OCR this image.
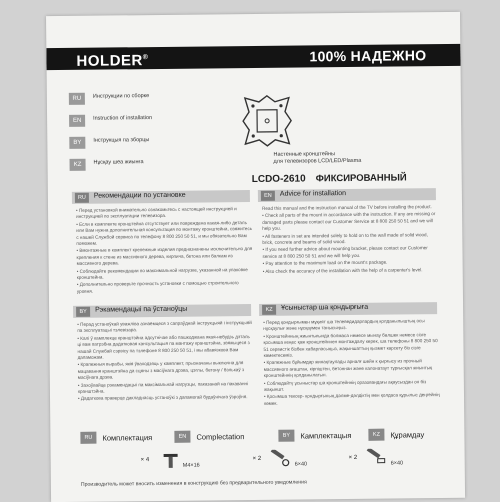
HOLDER®	100% НАДЕЖНО
RU	Инструкции по сборке
EN	Instruction of installation
BY	Інструкцыя па зборцы
KZ	Нұсқау шеа жиынға
Настенные кронштейны
для телевизоров LCD/LED/Plasma
LCDO-2610 ФИКСИРОВАННЫЙ
RU	Рекомендации по установке

• Перед установкой внимательно ознакомьтесь с настоящей инструкцией и инструкцией по эксплуатации телевизора.

• Если в комплекте кронштейна отсутствует или повреждена какая-либо деталь или Вам нужна дополнительная консультация по монтажу кронштейна, свяжитесь с нашей Службой сервиса по телефону 8 800 250 50 51, и мы обязательно Вам поможем.

• Вмонтажные в комплект крепежные изделия предназначены исключительно для крепления к стене из массивного дерева, кирпича, бетона или балкам из массивного дерева.

• Соблюдайте рекомендации по максимальной нагрузке, указанной на упаковке кронштейна.

• Дополнительно проверьте прочность установки с помощью строительного уровня.

EN	Advice for installation

Read this manual and the instruction manual of the TV before installing the product.

• Check all parts of the mount in accordance with the instruction. If any are missing or damaged parts please contact our Customer Service at 8 800 250 50 51 and we will help you.

• All fasteners in set are intended solely to hold on to the wall made of solid wood, brick, concrete and beams of solid wood.

• If you need further advice about mounting bracket, please contact our Customer service at 8 800 250 50 51 and we will help you.

• Pay attention to the maximum load on the mount's package.

• Also check the accuracy of the installation with the help of a carpenter's level.

BY	Рэкамендацыі па ўстаноўцы

• Перад устаноўкай уважліва азнаёмцеся з сапраўднай інструкцыяй і інструкцыяй па эксплуатацыі тэлевізара.

• Калі ў камплекце кранштэйна адсутнічае або пашкоджана якая-небудзь дэталь ці вам патрэбна дадатковая кансультацыя па мантажу кранштэйна, звяжыцеся з нашай Службай сэрвісу па тэлефоне 8 800 250 50 51, і мы абавязкова Вам дапаможам.

• Крапежныя вырабы, якія ўваходзяць у камплект, прызначаны выключна для мацавання кранштэйна да сцяны з масіўнага дрэва, цэглы, бетону / бэлькаў з масіўнага дрэва.

• Захоўвайце рэкамендацыі па максімальнай нагрузцы, паказанай на пакаванні кранштэйна.

• Дадаткова праверце дакладнасць устаноўкі з дапамогай будаўнічага ўзроўня.

KZ	Ұсыныстар ша қондырғыға

• Перед қондырғымен мұқият ша телеведидарлардың қолданылыштың осы нұсқаулығ және нұсқаумен танысыңыз.

• Кронштейнның жиынтығында болмаса немесе мынау бөлшек немесе сізге қосымша кеңес қаж кронштейннен монтаждалу керек, ша телефоны 8 800 250 50 51 сервистік бізбен хабарласыңыз, жақыншаттың қызмет көрсету біз сізге көмектесеміз.

• Крапежные бұйымдар жинақтаулады арналғ шейн к қырғысу из прочный массивного ағаштан, кірпіштен, бетоннан және калонатаут тұрғысқал жиынтық кронштейннің қолданылатын.

• Соблюдайтү ұсыныстар ша кронштейннің оразовандағы ақаусыздан он біз жақыншт.

• Қосымша тексер- қондырғының дәлме-дәлдіктің мен қолдаса құрылыс деңгейнің көмек.

RU	Комплектация	EN	Complectation	BY	Камплектацыя	KZ	Құрамдау
× 4
M4×16
× 2
6×40
× 2
6×40
Производитель может вносить изменения в конструкцию без предварительного уведомления
